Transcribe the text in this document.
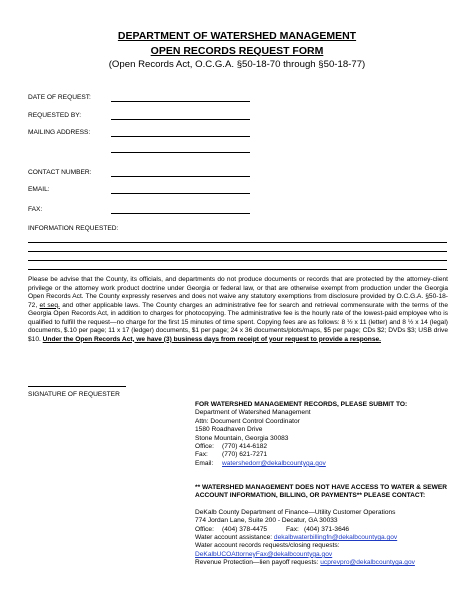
DEPARTMENT OF WATERSHED MANAGEMENT
OPEN RECORDS REQUEST FORM
(Open Records Act, O.C.G.A. §50-18-70 through §50-18-77)
DATE OF REQUEST:
REQUESTED BY:
MAILING ADDRESS:
CONTACT NUMBER:
EMAIL:
FAX:
INFORMATION REQUESTED:
Please be advise that the County, its officials, and departments do not produce documents or records that are protected by the attorney-client privilege or the attorney work product doctrine under Georgia or federal law, or that are otherwise exempt from production under the Georgia Open Records Act. The County expressly reserves and does not waive any statutory exemptions from disclosure provided by O.C.G.A. §50-18-72, et seq. and other applicable laws. The County charges an administrative fee for search and retrieval commensurate with the terms of the Georgia Open Records Act, in addition to charges for photocopying. The administrative fee is the hourly rate of the lowest-paid employee who is qualified to fulfill the request—no charge for the first 15 minutes of time spent. Copying fees are as follows: 8 ½ x 11 (letter) and 8 ½ x 14 (legal) documents, $.10 per page; 11 x 17 (ledger) documents, $1 per page; 24 x 36 documents/plots/maps, $5 per page; CDs $2; DVDs $3; USB drive $10. Under the Open Records Act, we have (3) business days from receipt of your request to provide a response.
SIGNATURE OF REQUESTER
FOR WATERSHED MANAGEMENT RECORDS, PLEASE SUBMIT TO:
Department of Watershed Management
Attn: Document Control Coordinator
1580 Roadhaven Drive
Stone Mountain, Georgia 30083
Office:	(770) 414-6182
Fax:	(770) 621-7271
Email:	watershedorr@dekalbcountyga.gov
** WATERSHED MANAGEMENT DOES NOT HAVE ACCESS TO WATER & SEWER ACCOUNT INFORMATION, BILLING, OR PAYMENTS** PLEASE CONTACT:
DeKalb County Department of Finance—Utility Customer Operations
774 Jordan Lane, Suite 200 - Decatur, GA 30033
Office:	(404) 378-4475	Fax: (404) 371-3646
Water account assistance: dekalbwaterbillingfn@dekalbcountyga.gov
Water account records requests/closing requests:
DeKalbUCOAttorneyFax@dekalbcountyga.gov
Revenue Protection—lien payoff requests: ucprevpro@dekalbcountyga.gov
